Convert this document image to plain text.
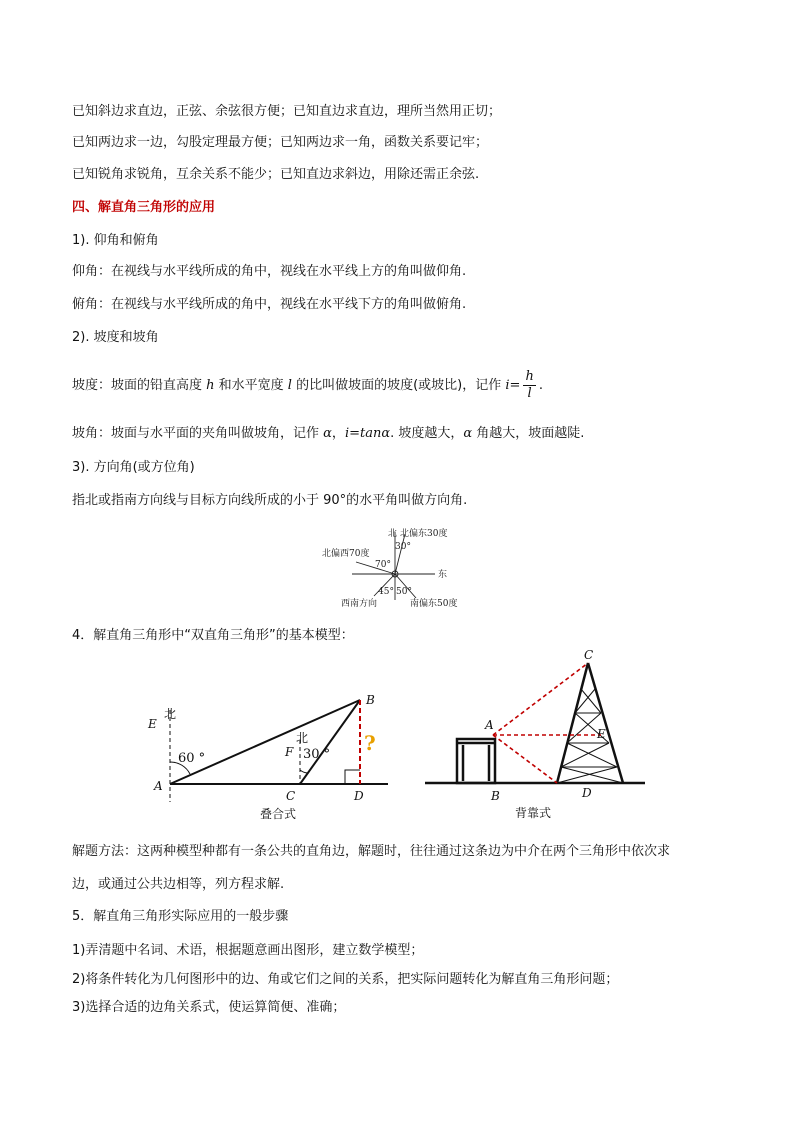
已知斜边求直边，正弦、余弦很方便；已知直边求直边，理所当然用正切；
已知两边求一边，勾股定理最方便；已知两边求一角，函数关系要记牢；
已知锐角求锐角，互余关系不能少；已知直边求斜边，用除还需正余弦.
四、解直角三角形的应用
1). 仰角和俯角
仰角：在视线与水平线所成的角中，视线在水平线上方的角叫做仰角.
俯角：在视线与水平线所成的角中，视线在水平线下方的角叫做俯角.
2). 坡度和坡角
坡度：坡面的铅直高度 h 和水平宽度 l 的比叫做坡面的坡度(或坡比)，记作 $i= \frac{h}{l}$ .
坡角：坡面与水平面的夹角叫做坡角，记作 α，i=tanα. 坡度越大，α 角越大，坡面越陡.
3). 方向角(或方位角)
指北或指南方向线与目标方向线所成的小于 90°的水平角叫做方向角.
北 北偏东30度
30°
北偏西70度
70°
东
45° 50°
西南方向	南偏东50度
4．解直角三角形中“双直角三角形”的基本模型：
E
北
60 °
A
B
北
F 30 °
C	D
?
叠合式
C
A
E
B	D
背靠式
解题方法：这两种模型种都有一条公共的直角边，解题时，往往通过这条边为中介在两个三角形中依次求
边，或通过公共边相等，列方程求解.
5．解直角三角形实际应用的一般步骤
1)弄清题中名词、术语，根据题意画出图形，建立数学模型；
2)将条件转化为几何图形中的边、角或它们之间的关系，把实际问题转化为解直角三角形问题；
3)选择合适的边角关系式，使运算简便、准确；
